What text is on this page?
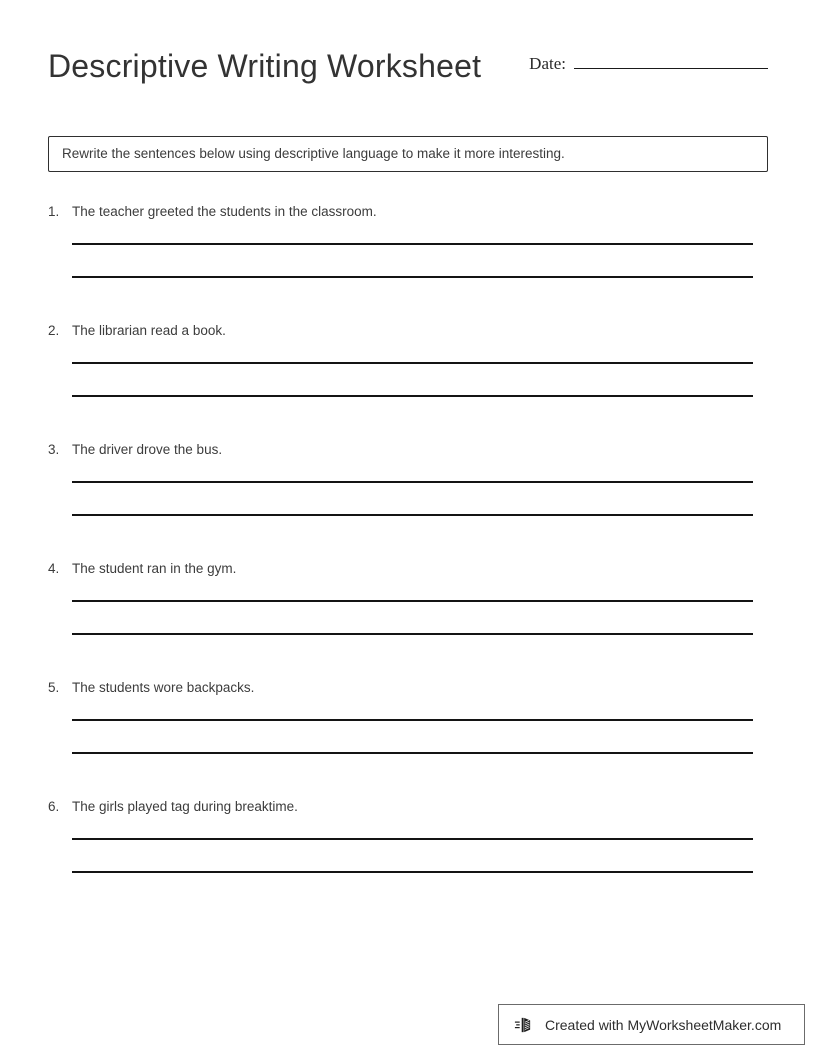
Descriptive Writing Worksheet	Date:
Rewrite the sentences below using descriptive language to make it more interesting.
1. The teacher greeted the students in the classroom.
2. The librarian read a book.
3. The driver drove the bus.
4. The student ran in the gym.
5. The students wore backpacks.
6. The girls played tag during breaktime.
Created with MyWorksheetMaker.com
